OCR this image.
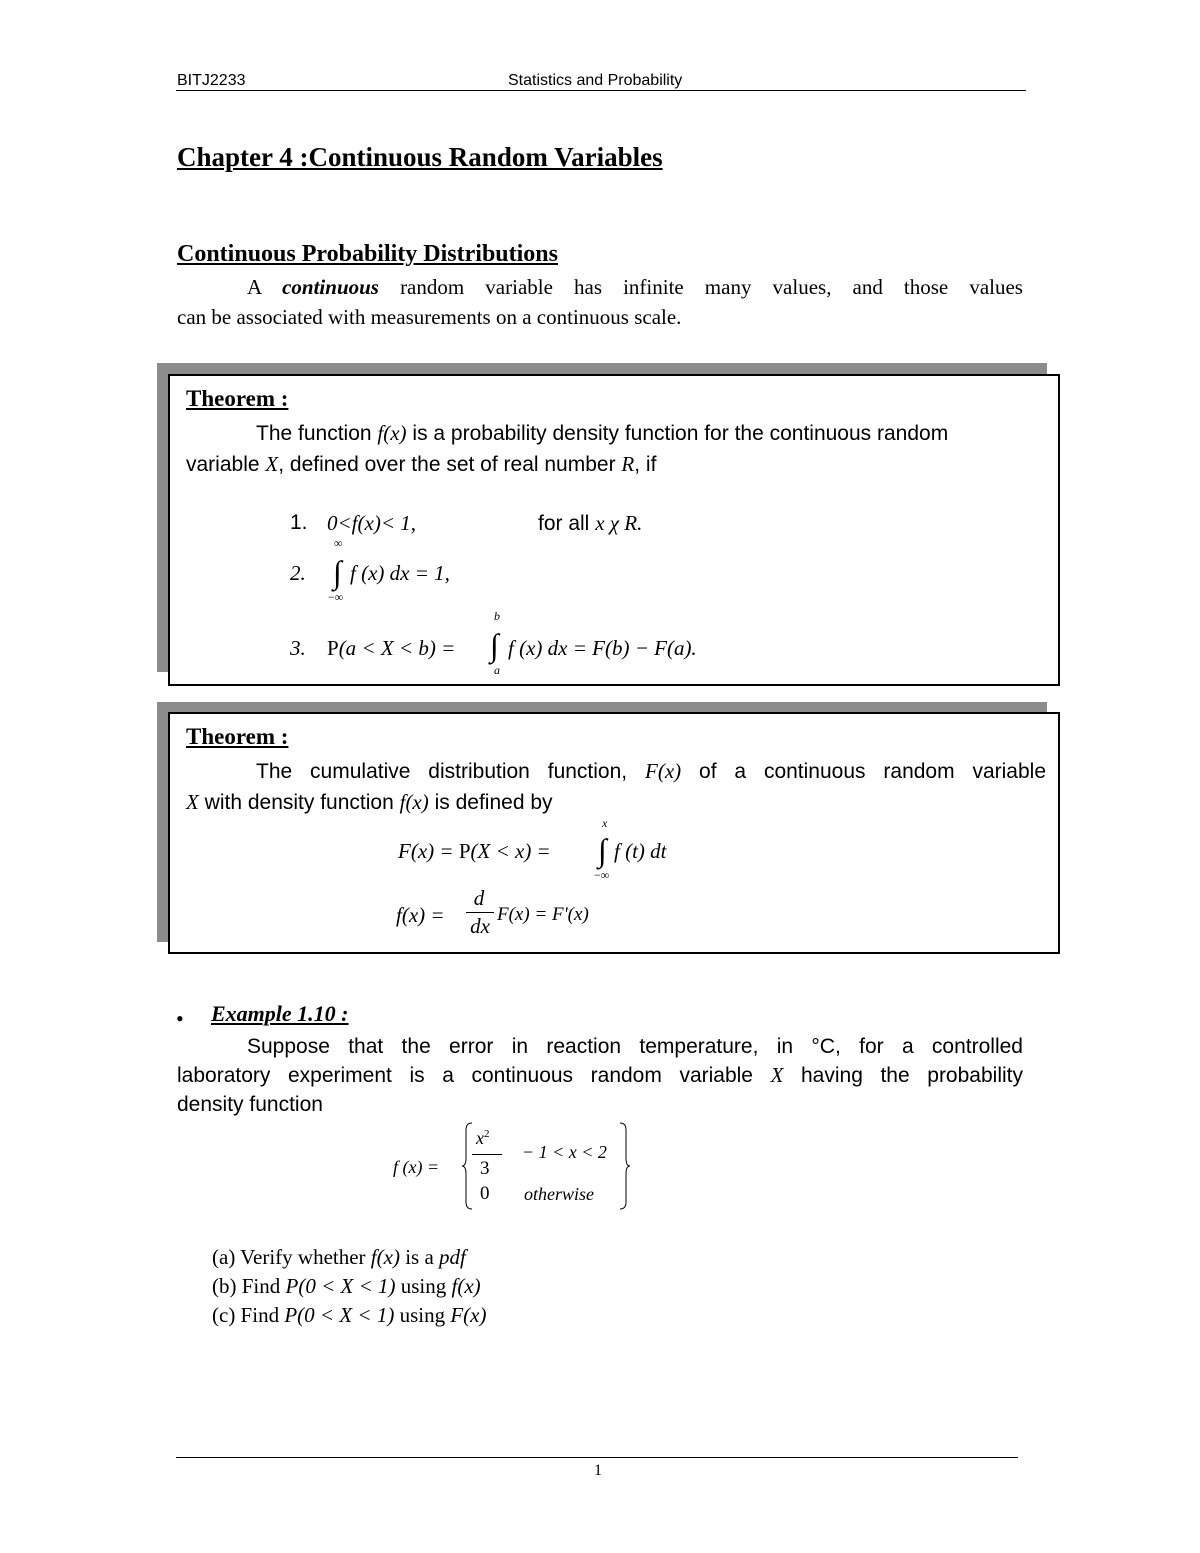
BITJ2233	Statistics and Probability
Chapter 4 :Continuous Random Variables
Continuous Probability Distributions
A continuous random variable has infinite many values, and those values
can be associated with measurements on a continuous scale.
Theorem :
The function f(x) is a probability density function for the continuous random
variable X, defined over the set of real number R, if
1. 0<f(x)< 1,	for all x χ R.
2.
∞
∫
−∞
f (x) dx = 1,
3. P(a < X < b) =
b
∫
a
f (x) dx = F(b) − F(a).
Theorem :
The cumulative distribution function, F(x) of a continuous random variable
X with density function f(x) is defined by
F(x) = P(X < x) =
x
∫
−∞
f (t) dt
f(x) =
d
dx F(x) = F'(x)
• Example 1.10 :
Suppose that the error in reaction temperature, in °C, for a controlled
laboratory experiment is a continuous random variable X having the probability
density function
f (x) =
$x^2$
3
− 1 < x < 2
0 otherwise
(a) Verify whether f(x) is a pdf
(b) Find P(0 < X < 1) using f(x)
(c) Find P(0 < X < 1) using F(x)
1
